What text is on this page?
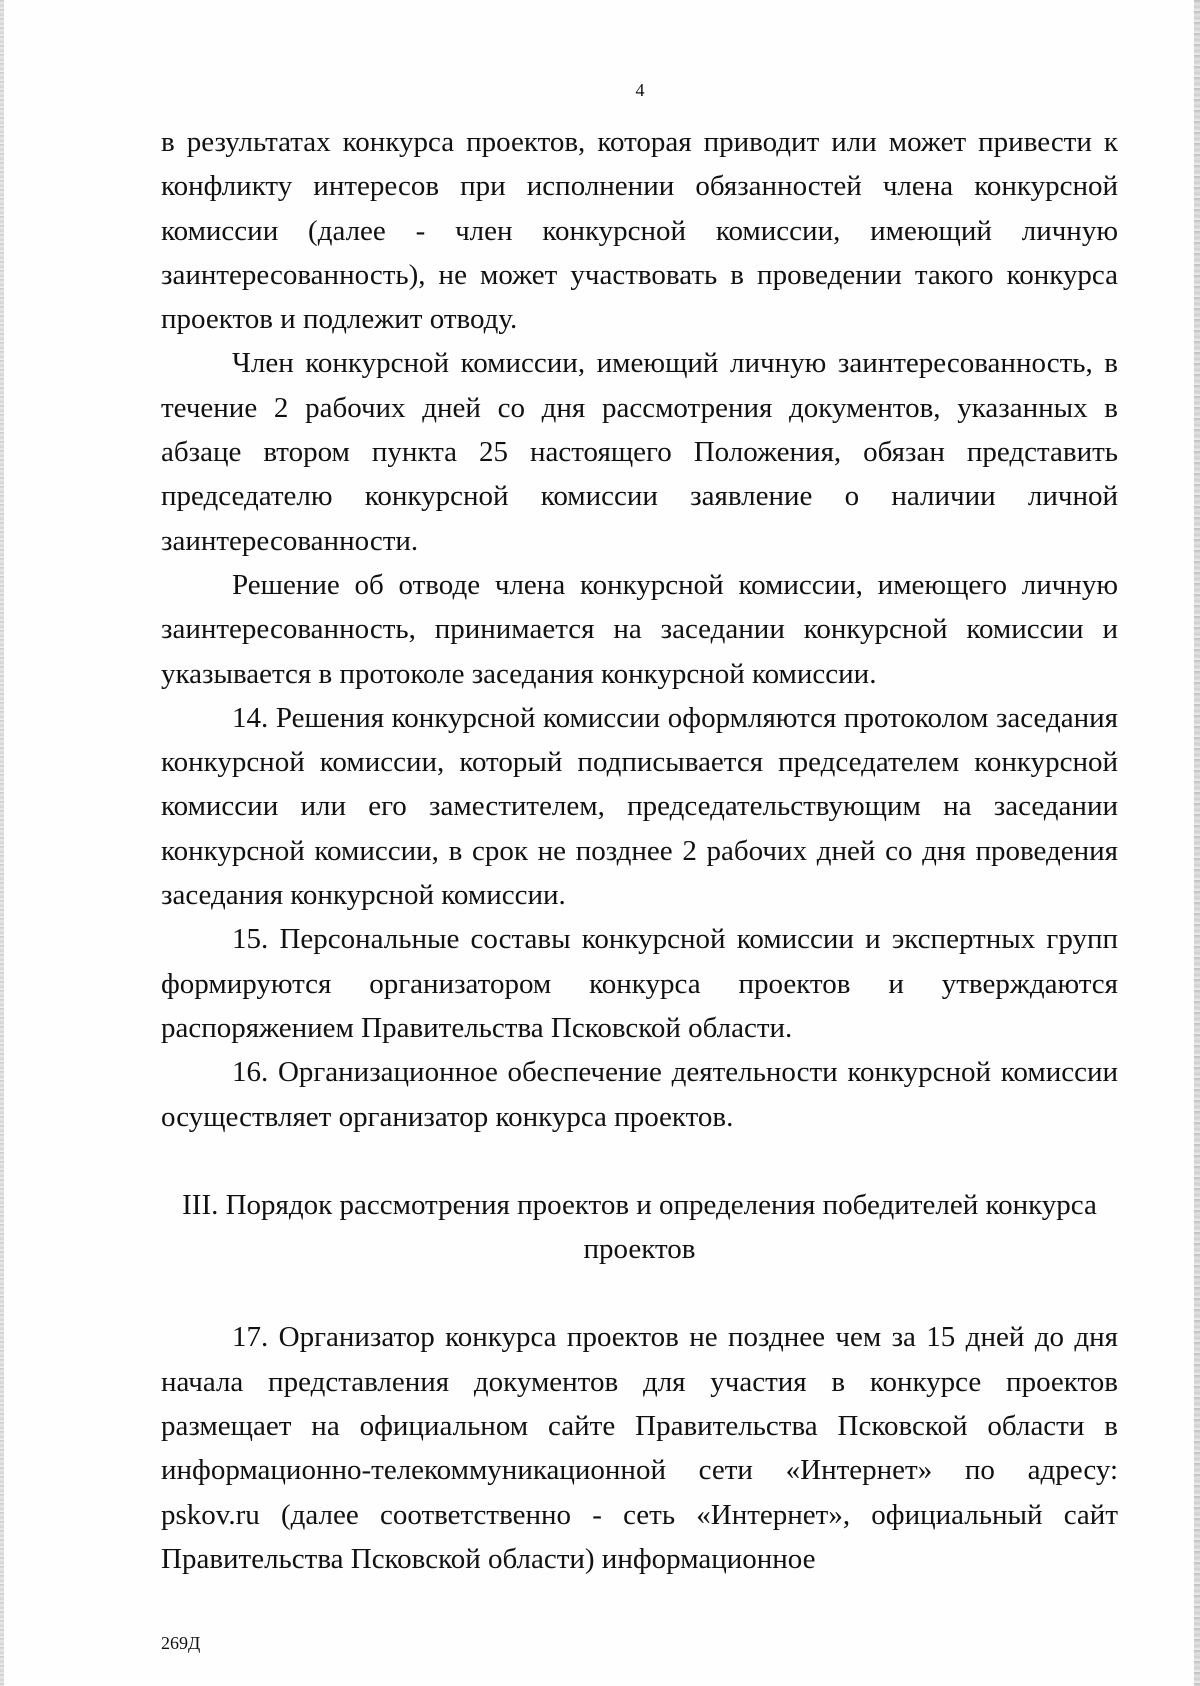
4

в результатах конкурса проектов, которая приводит или может привести к конфликту интересов при исполнении обязанностей члена конкурсной комиссии (далее - член конкурсной комиссии, имеющий личную заинтересованность), не может участвовать в проведении такого конкурса проектов и подлежит отводу.

Член конкурсной комиссии, имеющий личную заинтересованность, в течение 2 рабочих дней со дня рассмотрения документов, указанных в абзаце втором пункта 25 настоящего Положения, обязан представить председателю конкурсной комиссии заявление о наличии личной заинтересованности.

Решение об отводе члена конкурсной комиссии, имеющего личную заинтересованность, принимается на заседании конкурсной комиссии и указывается в протоколе заседания конкурсной комиссии.

14. Решения конкурсной комиссии оформляются протоколом заседания конкурсной комиссии, который подписывается председателем конкурсной комиссии или его заместителем, председательствующим на заседании конкурсной комиссии, в срок не позднее 2 рабочих дней со дня проведения заседания конкурсной комиссии.

15. Персональные составы конкурсной комиссии и экспертных групп формируются организатором конкурса проектов и утверждаются распоряжением Правительства Псковской области.

16. Организационное обеспечение деятельности конкурсной комиссии осуществляет организатор конкурса проектов.

III. Порядок рассмотрения проектов и определения победителей конкурса
проектов

17. Организатор конкурса проектов не позднее чем за 15 дней до дня начала представления документов для участия в конкурсе проектов размещает на официальном сайте Правительства Псковской области в информационно-телекоммуникационной сети «Интернет» по адресу: pskov.ru (далее соответственно - сеть «Интернет», официальный сайт Правительства Псковской области) информационное

269Д
